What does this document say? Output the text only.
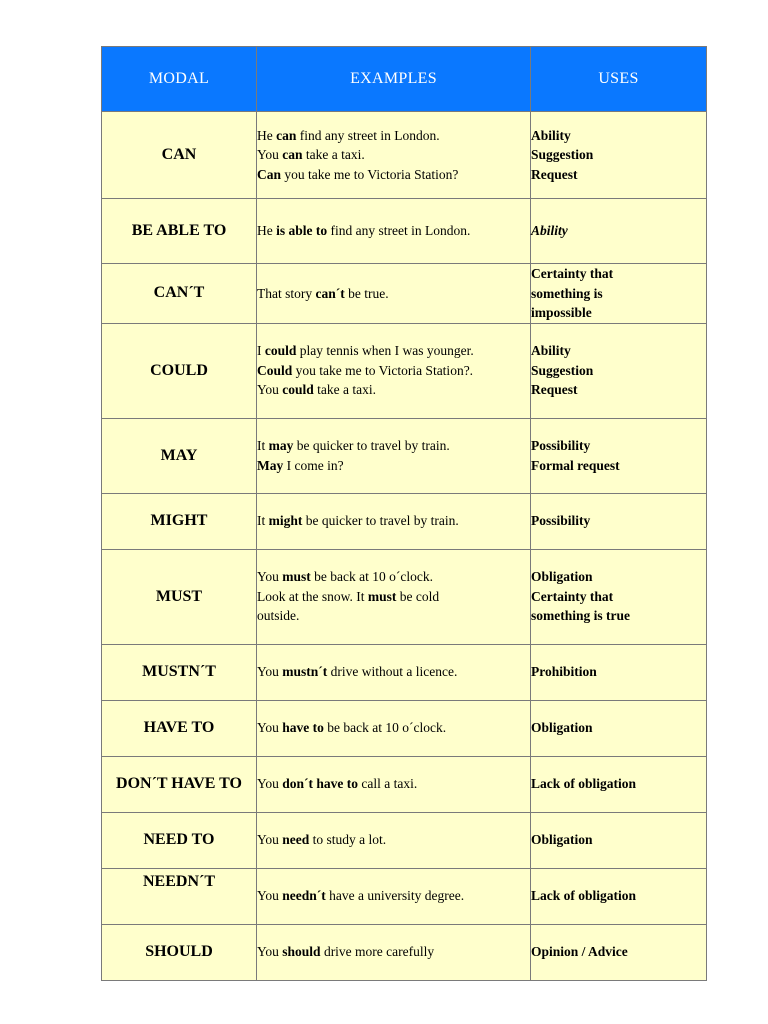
MODAL	EXAMPLES	USES
CAN	He can find any street in London.
You can take a taxi.
Can you take me to Victoria Station?	Ability
Suggestion
Request

BE ABLE TO	He is able to find any street in London.	Ability

CAN´T	That story can´t be true.	Certainty that
something is
impossible

COULD	I could play tennis when I was younger.
Could you take me to Victoria Station?.
You could take a taxi.	Ability
Suggestion
Request

MAY	It may be quicker to travel by train.
May I come in?	Possibility
Formal request

MIGHT	It might be quicker to travel by train.	Possibility

MUST	You must be back at 10 o´clock.
Look at the snow. It must be cold
outside.	Obligation
Certainty that
something is true

MUSTN´T	You mustn´t drive without a licence.	Prohibition

HAVE TO	You have to be back at 10 o´clock.	Obligation

DON´T HAVE TO	You don´t have to call a taxi.	Lack of obligation

NEED TO	You need to study a lot.	Obligation

NEEDN´T	You needn´t have a university degree.	Lack of obligation

SHOULD	You should drive more carefully	Opinion / Advice
